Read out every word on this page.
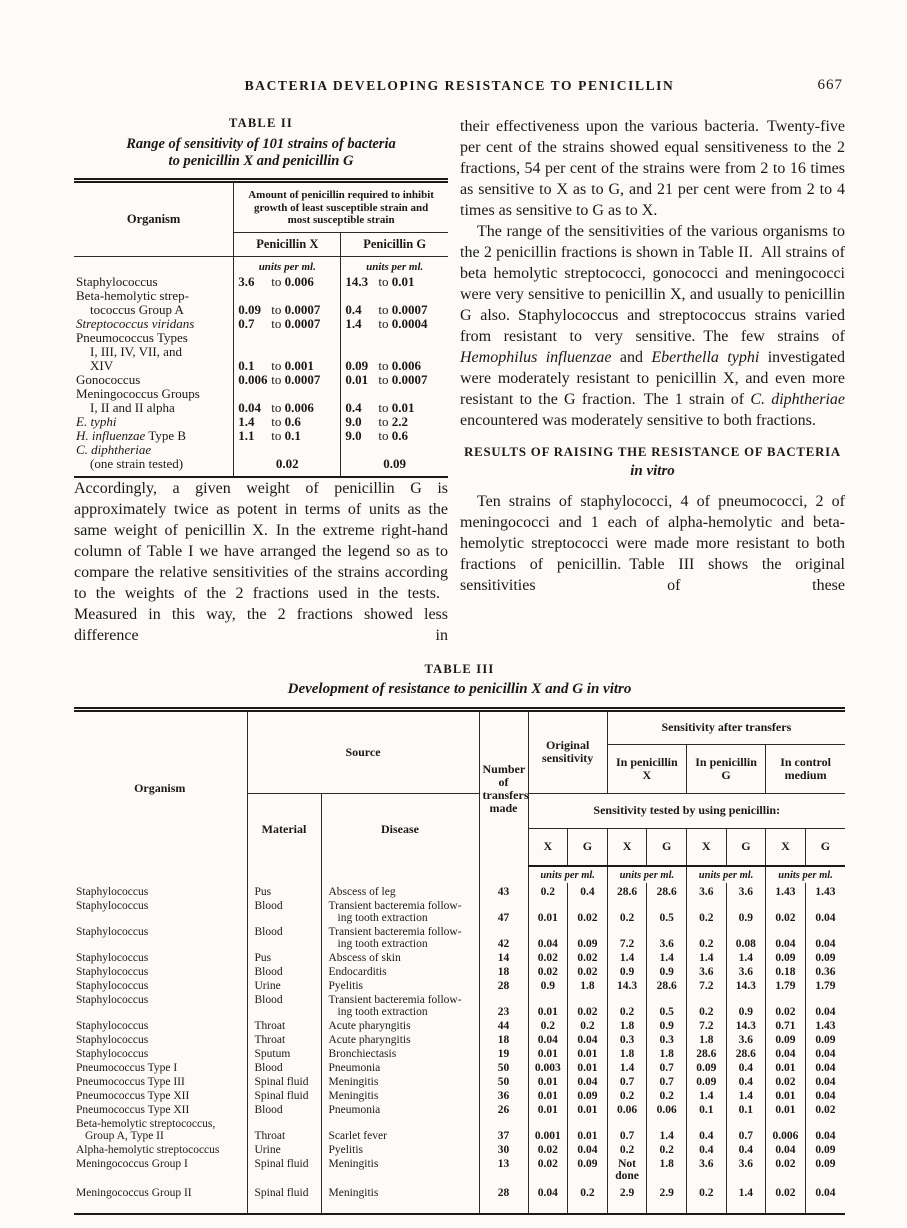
BACTERIA DEVELOPING RESISTANCE TO PENICILLIN	667
TABLE II
Range of sensitivity of 101 strains of bacteria
to penicillin X and penicillin G
Organism	Amount of penicillin required to inhibit growth of least susceptible strain and most susceptible strain	
	Penicillin X	Penicillin G
	units per ml.	units per ml.

Staphylococcus	3.6 to 0.006	14.3 to 0.01

Beta-hemolytic strep-
tococcus Group A	0.09 to 0.0007	0.4 to 0.0007

Streptococcus viridans	0.7 to 0.0007	1.4 to 0.0004

Pneumococcus Types
I, III, IV, VII, and
XIV	0.1 to 0.001	0.09 to 0.006

Gonococcus	0.006 to 0.0007	0.01 to 0.0007

Meningococcus Groups
I, II and II alpha	0.04 to 0.006	0.4 to 0.01

E. typhi	1.4 to 0.6	9.0 to 2.2

H. influenzae Type B	1.1 to 0.1	9.0 to 0.6

C. diphtheriae
(one strain tested)	0.02	0.09

Accordingly, a given weight of penicillin G is approximately twice as potent in terms of units as the same weight of penicillin X. In the extreme right-hand column of Table I we have arranged the legend so as to compare the relative sensitivities of the strains according to the weights of the 2 fractions used in the tests. Measured in this way, the 2 fractions showed less difference in

their effectiveness upon the various bacteria. Twenty-five per cent of the strains showed equal sensitiveness to the 2 fractions, 54 per cent of the strains were from 2 to 16 times as sensitive to X as to G, and 21 per cent were from 2 to 4 times as sensitive to G as to X.

The range of the sensitivities of the various organisms to the 2 penicillin fractions is shown in Table II. All strains of beta hemolytic streptococci, gonococci and meningococci were very sensitive to penicillin X, and usually to penicillin G also. Staphylococcus and streptococcus strains varied from resistant to very sensitive. The few strains of Hemophilus influenzae and Eberthella typhi investigated were moderately resistant to penicillin X, and even more resistant to the G fraction. The 1 strain of C. diphtheriae encountered was moderately sensitive to both fractions.

RESULTS OF RAISING THE RESISTANCE OF BACTERIA
in vitro

Ten strains of staphylococci, 4 of pneumococci, 2 of meningococci and 1 each of alpha-hemolytic and beta-hemolytic streptococci were made more resistant to both fractions of penicillin. Table III shows the original sensitivities of these

TABLE III
Development of resistance to penicillin X and G in vitro
Organism	Source		Number of transfers made	Original sensitivity		Sensitivity after transfers					
						In penicillin X		In penicillin G		In control medium	
	Material	Disease		Sensitivity tested by using penicillin:							
				X	G	X	G	X	G	X	G
				units per ml.		units per ml.		units per ml.		units per ml.	

Staphylococcus	Pus	Abscess of leg	43	0.2	0.4	28.6	28.6	3.6	3.6	1.43	1.43

Staphylococcus	Blood	Transient bacteremia follow-
ing tooth extraction	47	0.01	0.02	0.2	0.5	0.2	0.9	0.02	0.04

Staphylococcus	Blood	Transient bacteremia follow-
ing tooth extraction	42	0.04	0.09	7.2	3.6	0.2	0.08	0.04	0.04

Staphylococcus	Pus	Abscess of skin	14	0.02	0.02	1.4	1.4	1.4	1.4	0.09	0.09

Staphylococcus	Blood	Endocarditis	18	0.02	0.02	0.9	0.9	3.6	3.6	0.18	0.36

Staphylococcus	Urine	Pyelitis	28	0.9	1.8	14.3	28.6	7.2	14.3	1.79	1.79

Staphylococcus	Blood	Transient bacteremia follow-
ing tooth extraction	23	0.01	0.02	0.2	0.5	0.2	0.9	0.02	0.04

Staphylococcus	Throat	Acute pharyngitis	44	0.2	0.2	1.8	0.9	7.2	14.3	0.71	1.43

Staphylococcus	Throat	Acute pharyngitis	18	0.04	0.04	0.3	0.3	1.8	3.6	0.09	0.09

Staphylococcus	Sputum	Bronchiectasis	19	0.01	0.01	1.8	1.8	28.6	28.6	0.04	0.04

Pneumococcus Type I	Blood	Pneumonia	50	0.003	0.01	1.4	0.7	0.09	0.4	0.01	0.04

Pneumococcus Type III	Spinal fluid	Meningitis	50	0.01	0.04	0.7	0.7	0.09	0.4	0.02	0.04

Pneumococcus Type XII	Spinal fluid	Meningitis	36	0.01	0.09	0.2	0.2	1.4	1.4	0.01	0.04

Pneumococcus Type XII	Blood	Pneumonia	26	0.01	0.01	0.06	0.06	0.1	0.1	0.01	0.02

Beta-hemolytic streptococcus,
Group A, Type II	Throat	Scarlet fever	37	0.001	0.01	0.7	1.4	0.4	0.7	0.006	0.04

Alpha-hemolytic streptococcus	Urine	Pyelitis	30	0.02	0.04	0.2	0.2	0.4	0.4	0.04	0.09

Meningococcus Group I	Spinal fluid	Meningitis	13	0.02	0.09	Not done	1.8	3.6	3.6	0.02	0.09

Meningococcus Group II	Spinal fluid	Meningitis	28	0.04	0.2	2.9	2.9	0.2	1.4	0.02	0.04
